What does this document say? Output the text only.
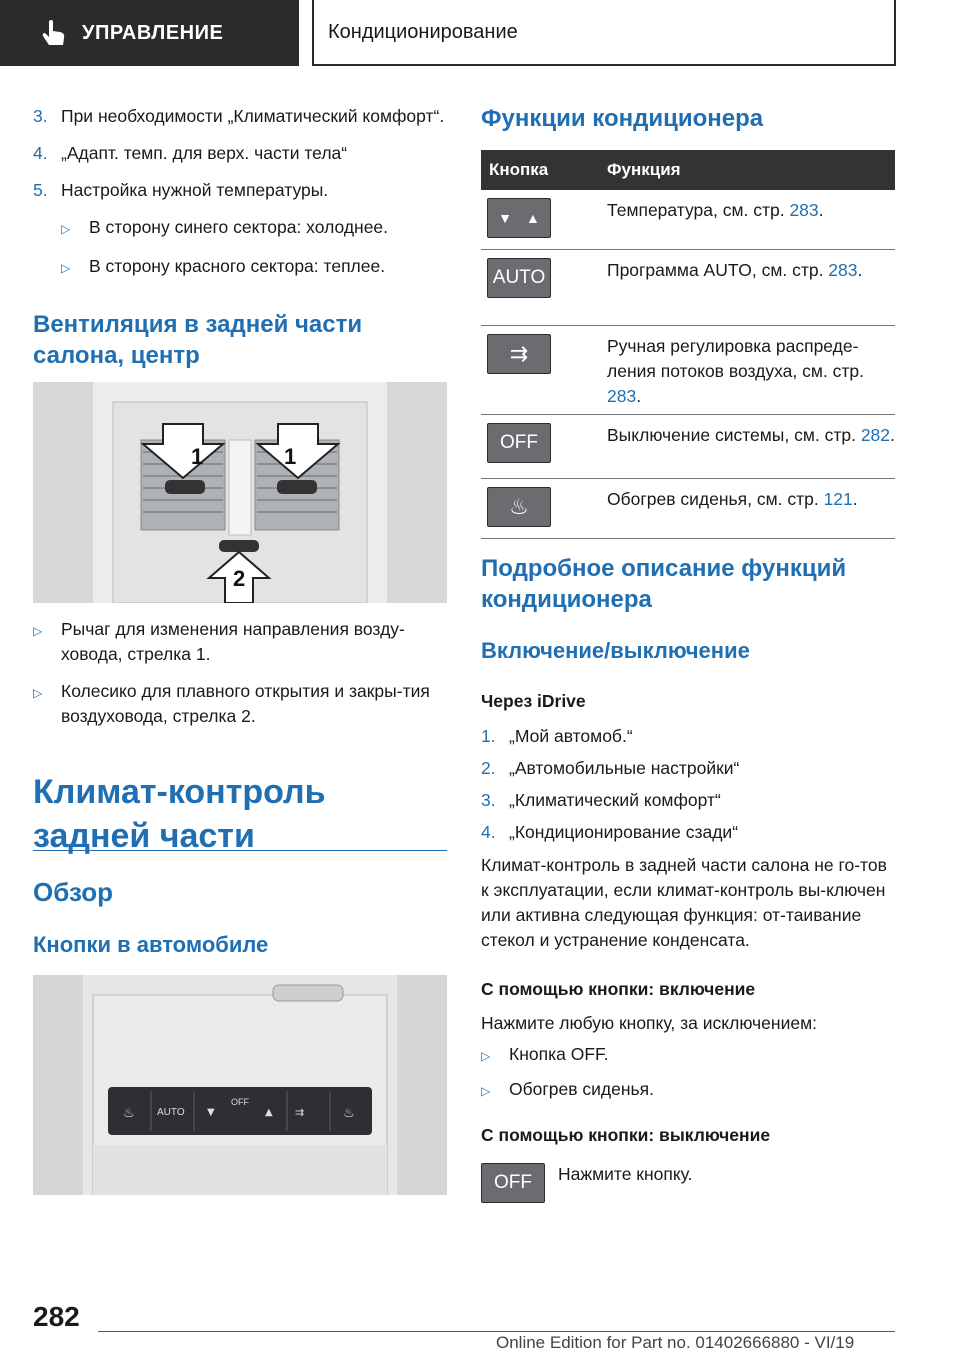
УПРАВЛЕНИЕ	Кондиционирование
3. При необходимости „Климатический комфорт“.
4. „Адапт. темп. для верх. части тела“
5. Настройка нужной температуры.
▷	В сторону синего сектора: холоднее.
▷	В сторону красного сектора: теплее.
Вентиляция в задней части салона, центр
1	1
2
▷	Рычаг для изменения направления возду-ховода, стрелка 1.
▷	Колесико для плавного открытия и закры-тия воздуховода, стрелка 2.
Климат-контроль задней части
Обзор
Кнопки в автомобиле
AUTO
OFF
▼	▲
♨	♨
⇉
Функции кондиционера
Кнопка	Функция
▼▲	Температура, см. стр. 283.
AUTO	Программа AUTO, см. стр. 283.
⇉	Ручная регулировка распреде-ления потоков воздуха, см. стр. 283.
OFF	Выключение системы, см. стр. 282.
♨	Обогрев сиденья, см. стр. 121.
Подробное описание функций кондиционера
Включение/выключение
Через iDrive
1. „Мой автомоб.“
2. „Автомобильные настройки“
3. „Климатический комфорт“
4. „Кондиционирование сзади“
Климат-контроль в задней части салона не го-тов к эксплуатации, если климат-контроль вы-ключен или активна следующая функция: от-таивание стекол и устранение конденсата.
С помощью кнопки: включение
Нажмите любую кнопку, за исключением:
▷	Кнопка OFF.
▷	Обогрев сиденья.
С помощью кнопки: выключение
OFF	Нажмите кнопку.
282
Online Edition for Part no. 01402666880 - VI/19
